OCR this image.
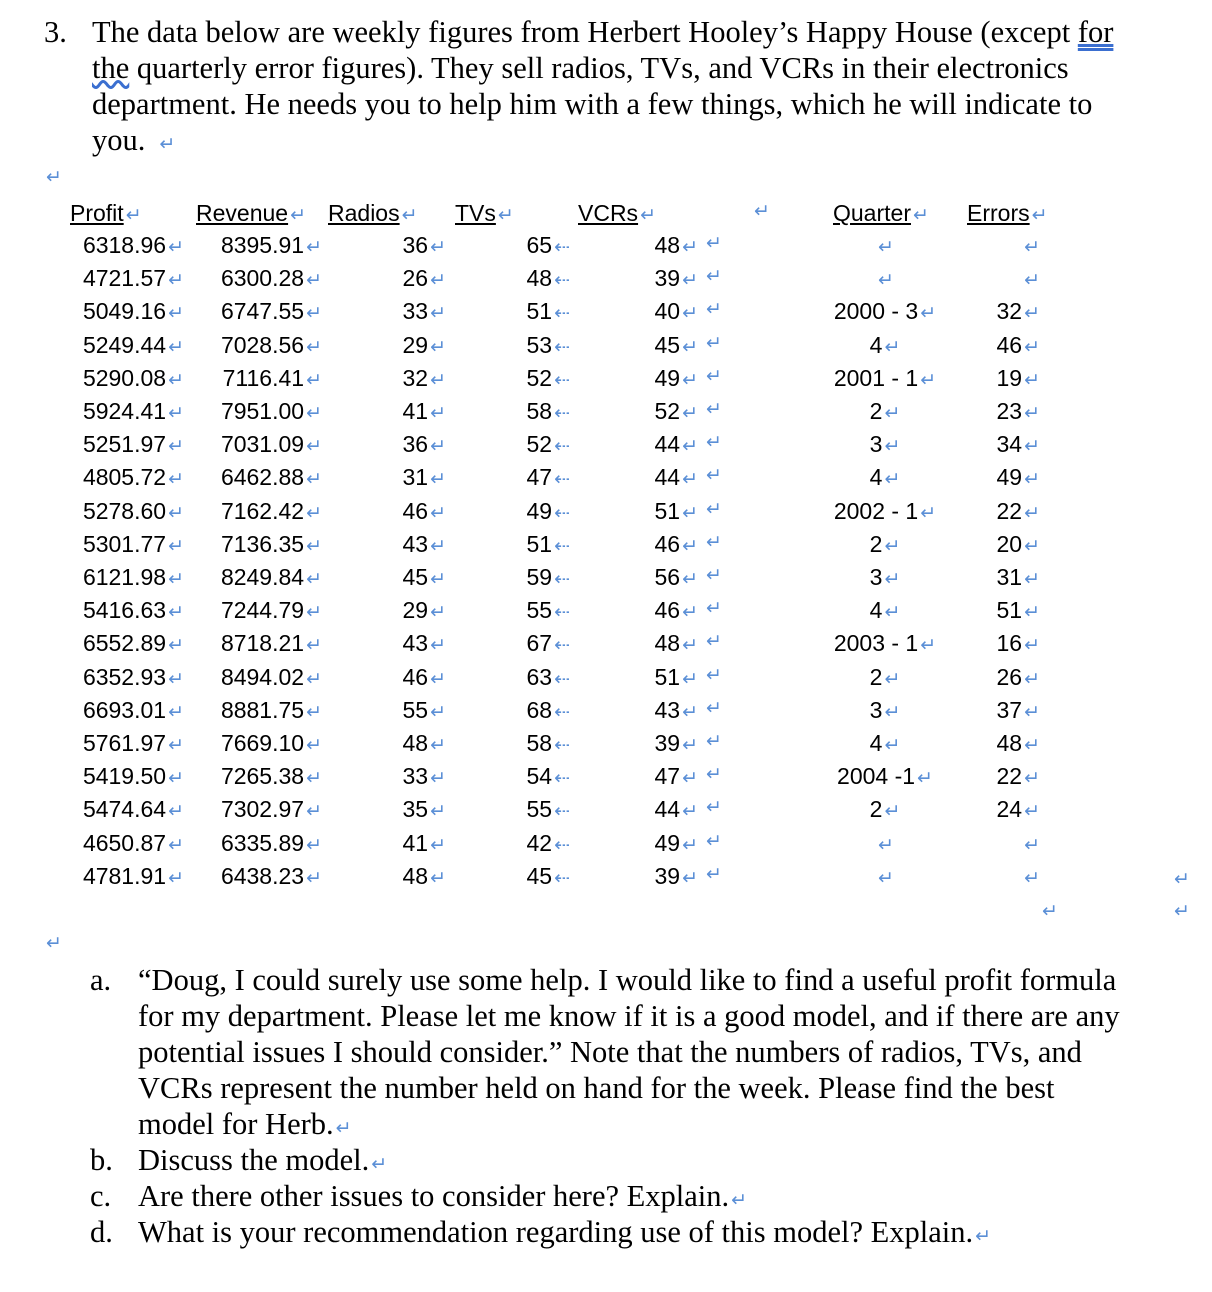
3. The data below are weekly figures from Herbert Hooley’s Happy House (except for
the quarterly error figures). They sell radios, TVs, and VCRs in their electronics
department. He needs you to help him with a few things, which he will indicate to
you. ↵
↵
Profit ↵ Revenue ↵ Radios ↵ TVs ↵	VCRs ↵	↵	Quarter ↵ Errors ↵
6318.96 ↵ 8395.91 ↵	36 ↵	65 ⇠	48 ↵ ↵	↵	↵
4721.57 ↵ 6300.28 ↵	26 ↵	48 ⇠	39 ↵ ↵	↵	↵
5049.16 ↵ 6747.55 ↵	33 ↵	51 ⇠	40 ↵ ↵	2000 - 3 ↵	32 ↵
5249.44 ↵ 7028.56 ↵	29 ↵	53 ⇠	45 ↵ ↵	4 ↵	46 ↵
5290.08 ↵ 7116.41 ↵	32 ↵	52 ⇠	49 ↵ ↵	2001 - 1 ↵	19 ↵
5924.41 ↵ 7951.00 ↵	41 ↵	58 ⇠	52 ↵ ↵	2 ↵	23 ↵
5251.97 ↵ 7031.09 ↵	36 ↵	52 ⇠	44 ↵ ↵	3 ↵	34 ↵
4805.72 ↵ 6462.88 ↵	31 ↵	47 ⇠	44 ↵ ↵	4 ↵	49 ↵
5278.60 ↵ 7162.42 ↵	46 ↵	49 ⇠	51 ↵ ↵	2002 - 1 ↵	22 ↵
5301.77 ↵ 7136.35 ↵	43 ↵	51 ⇠	46 ↵ ↵	2 ↵	20 ↵
6121.98 ↵ 8249.84 ↵	45 ↵	59 ⇠	56 ↵ ↵	3 ↵	31 ↵
5416.63 ↵ 7244.79 ↵	29 ↵	55 ⇠	46 ↵ ↵	4 ↵	51 ↵
6552.89 ↵ 8718.21 ↵	43 ↵	67 ⇠	48 ↵ ↵	2003 - 1 ↵	16 ↵
6352.93 ↵ 8494.02 ↵	46 ↵	63 ⇠	51 ↵ ↵	2 ↵	26 ↵
6693.01 ↵ 8881.75 ↵	55 ↵	68 ⇠	43 ↵ ↵	3 ↵	37 ↵
5761.97 ↵ 7669.10 ↵	48 ↵	58 ⇠	39 ↵ ↵	4 ↵	48 ↵
5419.50 ↵ 7265.38 ↵	33 ↵	54 ⇠	47 ↵ ↵	2004 -1 ↵	22 ↵
5474.64 ↵ 7302.97 ↵	35 ↵	55 ⇠	44 ↵ ↵	2 ↵	24 ↵
4650.87 ↵ 6335.89 ↵	41 ↵	42 ⇠	49 ↵ ↵	↵	↵
4781.91 ↵ 6438.23 ↵	48 ↵	45 ⇠	39 ↵ ↵	↵	↵	↵
↵	↵
↵
a. “Doug, I could surely use some help. I would like to find a useful profit formula
for my department. Please let me know if it is a good model, and if there are any
potential issues I should consider.” Note that the numbers of radios, TVs, and
VCRs represent the number held on hand for the week. Please find the best
model for Herb. ↵
b. Discuss the model. ↵
c. Are there other issues to consider here? Explain. ↵
d. What is your recommendation regarding use of this model? Explain. ↵
